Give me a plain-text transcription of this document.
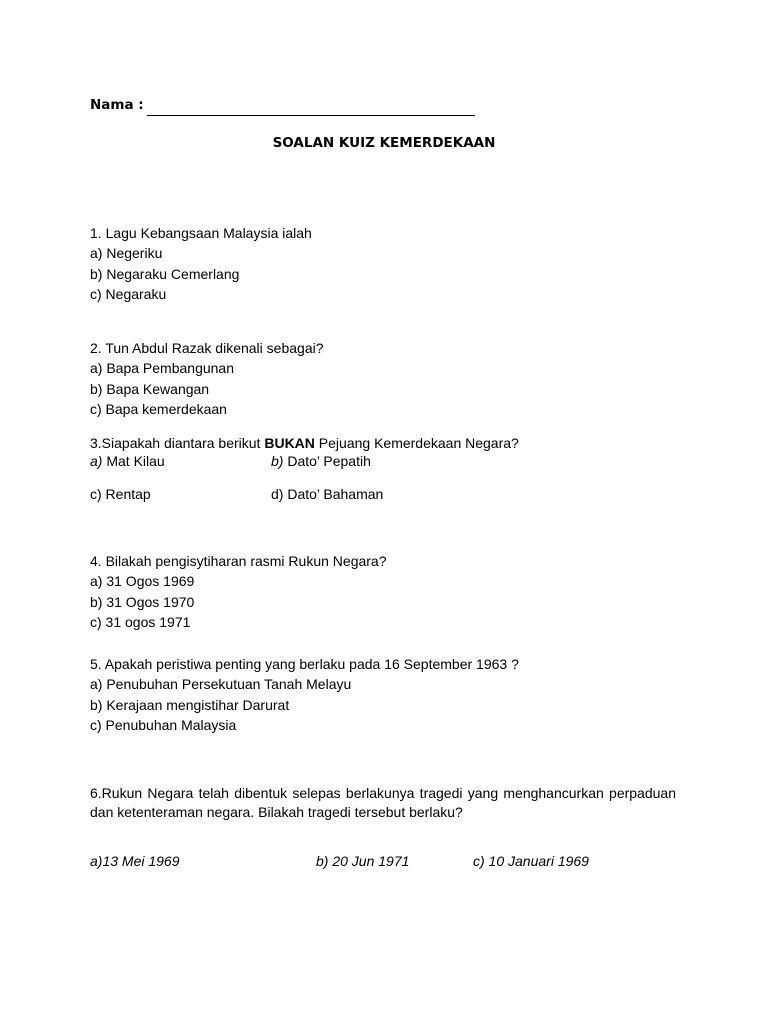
Nama :
SOALAN KUIZ KEMERDEKAAN
1. Lagu Kebangsaan Malaysia ialah
a) Negeriku
b) Negaraku Cemerlang
c) Negaraku
2. Tun Abdul Razak dikenali sebagai?
a) Bapa Pembangunan
b) Bapa Kewangan
c) Bapa kemerdekaan
3.Siapakah diantara berikut BUKAN Pejuang Kemerdekaan Negara?
a) Mat Kilau	b) Dato’ Pepatih
c) Rentap	d) Dato’ Bahaman
4. Bilakah pengisytiharan rasmi Rukun Negara?
a) 31 Ogos 1969
b) 31 Ogos 1970
c) 31 ogos 1971
5. Apakah peristiwa penting yang berlaku pada 16 September 1963 ?
a) Penubuhan Persekutuan Tanah Melayu
b) Kerajaan mengistihar Darurat
c) Penubuhan Malaysia
6.Rukun Negara telah dibentuk selepas berlakunya tragedi yang menghancurkan perpaduan dan ketenteraman negara. Bilakah tragedi tersebut berlaku?
a)13 Mei 1969	b) 20 Jun 1971	c) 10 Januari 1969
